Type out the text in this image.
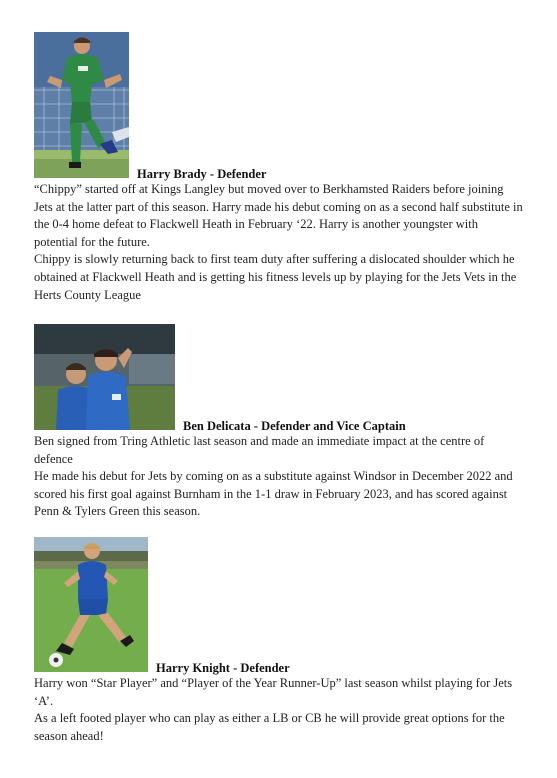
Harry Brady - Defender

“Chippy” started off at Kings Langley but moved over to Berkhamsted Raiders before joining Jets at the latter part of this season. Harry made his debut coming on as a second half substitute in the 0-4 home defeat to Flackwell Heath in February ‘22. Harry is another youngster with potential for the future.

Chippy is slowly returning back to first team duty after suffering a dislocated shoulder which he obtained at Flackwell Heath and is getting his fitness levels up by playing for the Jets Vets in the Herts County League

Ben Delicata - Defender and Vice Captain

Ben signed from Tring Athletic last season and made an immediate impact at the centre of defence

He made his debut for Jets by coming on as a substitute against Windsor in December 2022 and scored his first goal against Burnham in the 1-1 draw in February 2023, and has scored against Penn & Tylers Green this season.

Harry Knight - Defender

Harry won “Star Player” and “Player of the Year Runner-Up” last season whilst playing for Jets ‘A’.

As a left footed player who can play as either a LB or CB he will provide great options for the season ahead!
